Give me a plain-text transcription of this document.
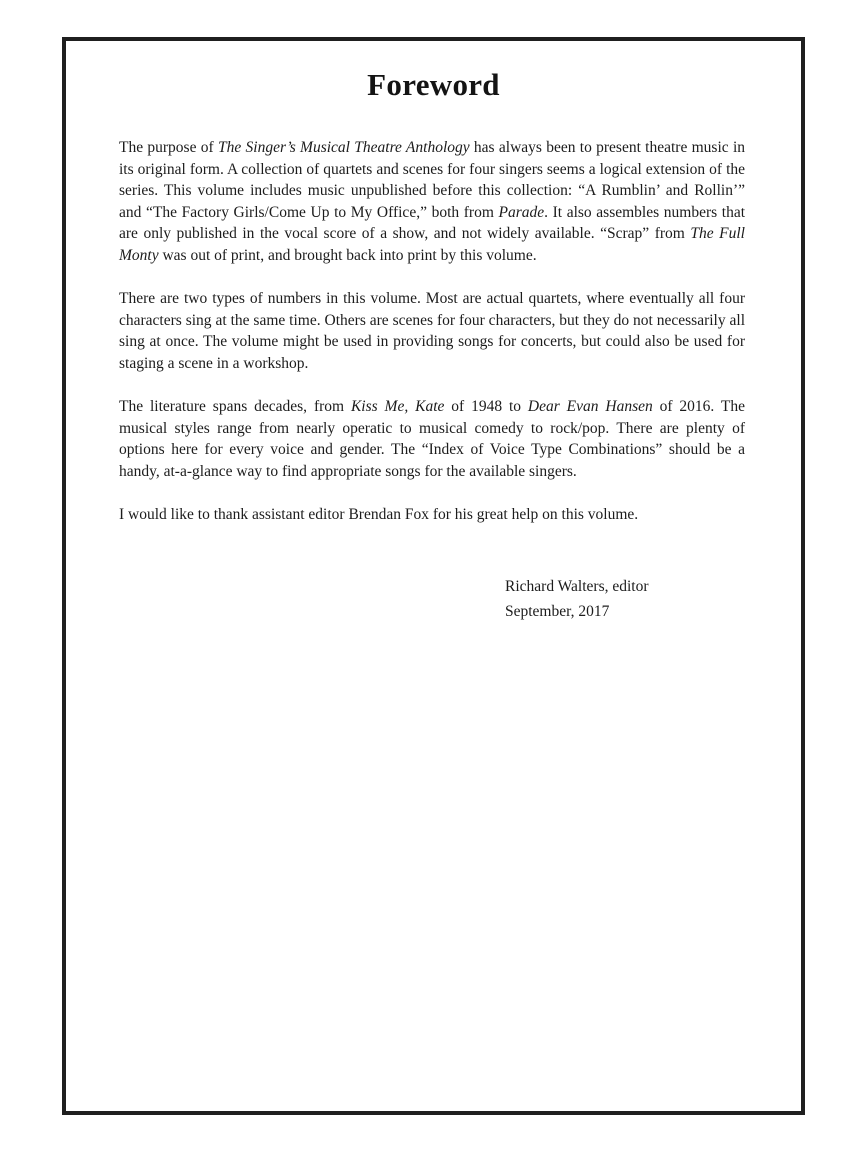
Foreword

The purpose of The Singer’s Musical Theatre Anthology has always been to present theatre music in its original form. A collection of quartets and scenes for four singers seems a logical extension of the series. This volume includes music unpublished before this collection: “A Rumblin’ and Rollin’” and “The Factory Girls/Come Up to My Office,” both from Parade. It also assembles numbers that are only published in the vocal score of a show, and not widely available. “Scrap” from The Full Monty was out of print, and brought back into print by this volume.

There are two types of numbers in this volume. Most are actual quartets, where eventually all four characters sing at the same time. Others are scenes for four characters, but they do not necessarily all sing at once. The volume might be used in providing songs for concerts, but could also be used for staging a scene in a workshop.

The literature spans decades, from Kiss Me, Kate of 1948 to Dear Evan Hansen of 2016. The musical styles range from nearly operatic to musical comedy to rock/pop. There are plenty of options here for every voice and gender. The “Index of Voice Type Combinations” should be a handy, at-a-glance way to find appropriate songs for the available singers.

I would like to thank assistant editor Brendan Fox for his great help on this volume.

Richard Walters, editor
September, 2017
